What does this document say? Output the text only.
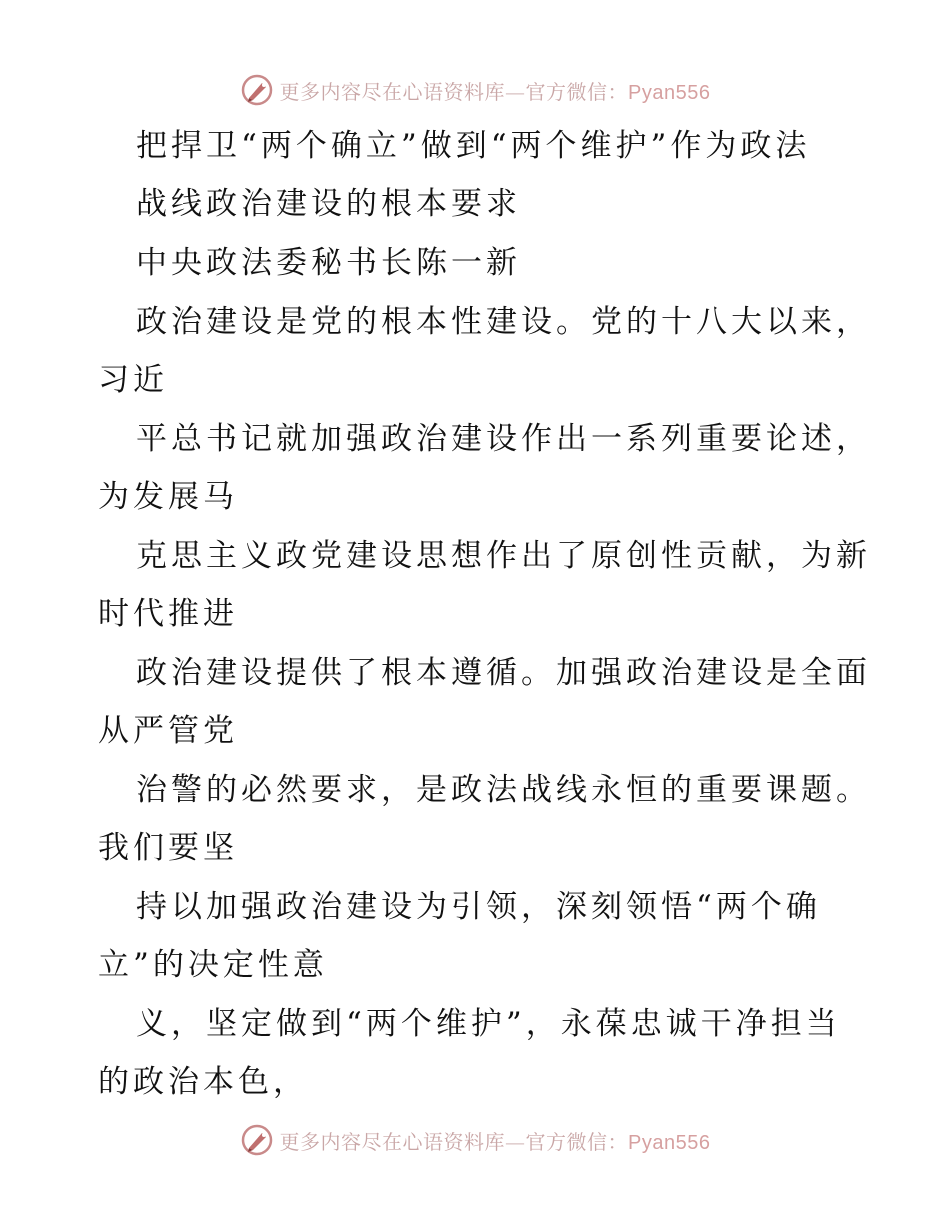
更多内容尽在心语资料库—官方微信：Pyan556
把捍卫“两个确立”做到“两个维护”作为政法
战线政治建设的根本要求
中央政法委秘书长陈一新
政治建设是党的根本性建设。党的十八大以来，
习近
平总书记就加强政治建设作出一系列重要论述，
为发展马
克思主义政党建设思想作出了原创性贡献，为新
时代推进
政治建设提供了根本遵循。加强政治建设是全面
从严管党
治警的必然要求，是政法战线永恒的重要课题。
我们要坚
持以加强政治建设为引领，深刻领悟“两个确
立”的决定性意
义，坚定做到“两个维护”，永葆忠诚干净担当
的政治本色，
更多内容尽在心语资料库—官方微信：Pyan556
